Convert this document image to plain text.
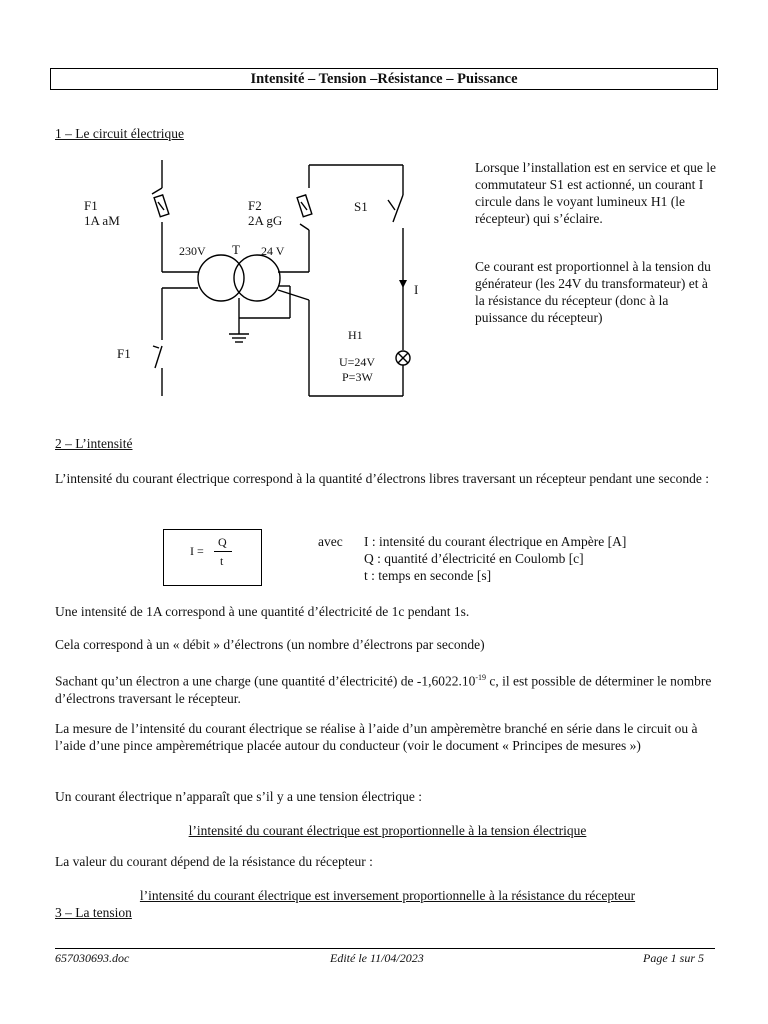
Intensité – Tension –Résistance – Puissance
1 – Le circuit électrique
F1
1A aM
F2
2A gG
S1
230V T 24 V
I
H1
U=24V
P=3W
F1
Lorsque l’installation est en service et que le commutateur S1 est actionné, un courant I circule dans le voyant lumineux H1 (le récepteur) qui s’éclaire.
Ce courant est proportionnel à la tension du générateur (les 24V du transformateur) et à la résistance du récepteur (donc à la puissance du récepteur)
2 – L’intensité
L’intensité du courant électrique correspond à la quantité d’électrons libres traversant un récepteur pendant une seconde :
I =
Q
t
avec I : intensité du courant électrique en Ampère [A]
Q : quantité d’électricité en Coulomb [c]
t : temps en seconde [s]
Une intensité de 1A correspond à une quantité d’électricité de 1c pendant 1s.
Cela correspond à un « débit » d’électrons (un nombre d’électrons par seconde)
Sachant qu’un électron a une charge (une quantité d’électricité) de $-1,6022.10^{-19}$ c, il est possible de déterminer le nombre d’électrons traversant le récepteur.
La mesure de l’intensité du courant électrique se réalise à l’aide d’un ampèremètre branché en série dans le circuit ou à l’aide d’une pince ampèremétrique placée autour du conducteur (voir le document « Principes de mesures »)
Un courant électrique n’apparaît que s’il y a une tension électrique :
l’intensité du courant électrique est proportionnelle à la tension électrique
La valeur du courant dépend de la résistance du récepteur :
l’intensité du courant électrique est inversement proportionnelle à la résistance du récepteur
3 – La tension
657030693.doc	Edité le 11/04/2023	Page 1 sur 5
